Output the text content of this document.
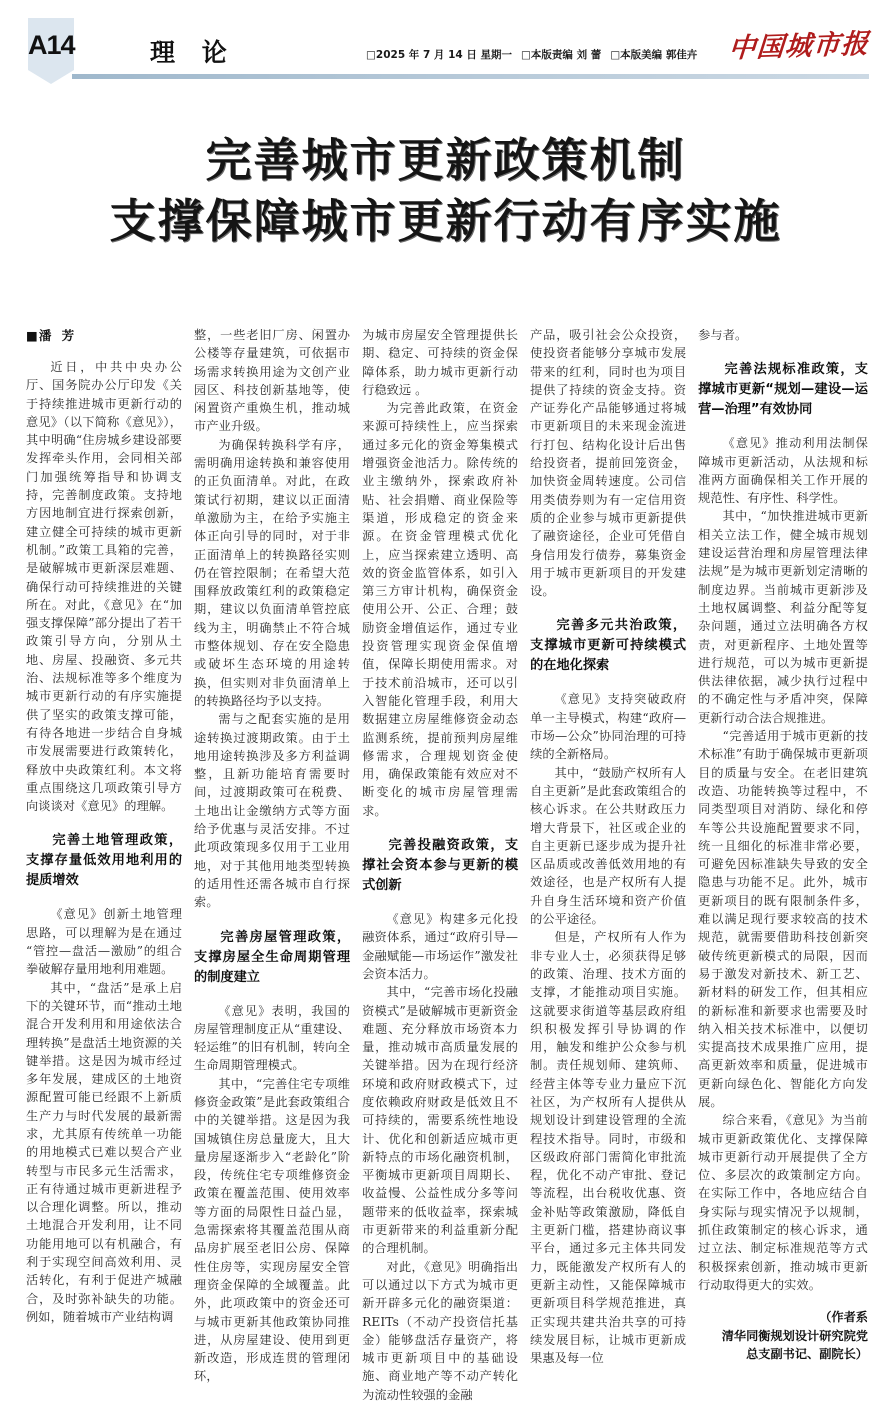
A14	理 论	□2025 年 7 月 14 日 星期一 □本版责编 刘 蕾 □本版美编 郭佳卉	中国城市报
完善城市更新政策机制
支撑保障城市更新行动有序实施
■潘 芳

近日，中共中央办公厅、国务院办公厅印发《关于持续推进城市更新行动的意见》（以下简称《意见》），其中明确“住房城乡建设部要发挥牵头作用，会同相关部门加强统筹指导和协调支持，完善制度政策。支持地方因地制宜进行探索创新，建立健全可持续的城市更新机制。”政策工具箱的完善，是破解城市更新深层难题、确保行动可持续推进的关键所在。对此，《意见》在“加强支撑保障”部分提出了若干政策引导方向，分别从土地、房屋、投融资、多元共治、法规标准等多个维度为城市更新行动的有序实施提供了坚实的政策支撑可能，有待各地进一步结合自身城市发展需要进行政策转化，释放中央政策红利。本文将重点围绕这几项政策引导方向谈谈对《意见》的理解。

完善土地管理政策，支撑存量低效用地利用的提质增效

《意见》创新土地管理思路，可以理解为是在通过“管控—盘活—激励”的组合拳破解存量用地利用难题。

其中，“盘活”是承上启下的关键环节，而“推动土地混合开发利用和用途依法合理转换”是盘活土地资源的关键举措。这是因为城市经过多年发展，建成区的土地资源配置可能已经跟不上新质生产力与时代发展的最新需求，尤其原有传统单一功能的用地模式已难以契合产业转型与市民多元生活需求，正有待通过城市更新进程予以合理化调整。所以，推动土地混合开发利用，让不同功能用地可以有机融合，有利于实现空间高效利用、灵活转化，有利于促进产城融合，及时弥补缺失的功能。例如，随着城市产业结构调

整，一些老旧厂房、闲置办公楼等存量建筑，可依据市场需求转换用途为文创产业园区、科技创新基地等，使闲置资产重焕生机，推动城市产业升级。

为确保转换科学有序，需明确用途转换和兼容使用的正负面清单。对此，在政策试行初期，建议以正面清单激励为主，在给予实施主体正向引导的同时，对于非正面清单上的转换路径实则仍在管控限制；在希望大范围释放政策红利的政策稳定期，建议以负面清单管控底线为主，明确禁止不符合城市整体规划、存在安全隐患或破坏生态环境的用途转换，但实则对非负面清单上的转换路径均予以支持。

需与之配套实施的是用途转换过渡期政策。由于土地用途转换涉及多方利益调整，且新功能培育需要时间，过渡期政策可在税费、土地出让金缴纳方式等方面给予优惠与灵活安排。不过此项政策现多仅用于工业用地，对于其他用地类型转换的适用性还需各城市自行探索。

完善房屋管理政策，支撑房屋全生命周期管理的制度建立

《意见》表明，我国的房屋管理制度正从“重建设、轻运维”的旧有机制，转向全生命周期管理模式。

其中，“完善住宅专项维修资金政策”是此套政策组合中的关键举措。这是因为我国城镇住房总量庞大，且大量房屋逐渐步入“老龄化”阶段，传统住宅专项维修资金政策在覆盖范围、使用效率等方面的局限性日益凸显，急需探索将其覆盖范围从商品房扩展至老旧公房、保障性住房等，实现房屋安全管理资金保障的全域覆盖。此外，此项政策中的资金还可与城市更新其他政策协同推进，从房屋建设、使用到更新改造，形成连贯的管理闭环，

为城市房屋安全管理提供长期、稳定、可持续的资金保障体系，助力城市更新行动行稳致远 。

为完善此政策，在资金来源可持续性上，应当探索通过多元化的资金筹集模式增强资金池活力。除传统的业主缴纳外，探索政府补贴、社会捐赠、商业保险等渠道，形成稳定的资金来源。在资金管理模式优化上，应当探索建立透明、高效的资金监管体系，如引入第三方审计机构，确保资金使用公开、公正、合理；鼓励资金增值运作，通过专业投资管理实现资金保值增值，保障长期使用需求。对于技术前沿城市，还可以引入智能化管理手段，利用大数据建立房屋维修资金动态监测系统，提前预判房屋维修需求，合理规划资金使用，确保政策能有效应对不断变化的城市房屋管理需求。

完善投融资政策，支撑社会资本参与更新的模式创新

《意见》构建多元化投融资体系，通过“政府引导—金融赋能—市场运作”激发社会资本活力。

其中，“完善市场化投融资模式”是破解城市更新资金难题、充分释放市场资本力量，推动城市高质量发展的关键举措。因为在现行经济环境和政府财政模式下，过度依赖政府财政是低效且不可持续的，需要系统性地设计、优化和创新适应城市更新特点的市场化融资机制，平衡城市更新项目周期长、收益慢、公益性成分多等问题带来的低收益率，探索城市更新带来的利益重新分配的合理机制。

对此，《意见》明确指出可以通过以下方式为城市更新开辟多元化的融资渠道：REITs（不动产投资信托基金）能够盘活存量资产，将城市更新项目中的基础设施、商业地产等不动产转化为流动性较强的金融

产品，吸引社会公众投资，使投资者能够分享城市发展带来的红利，同时也为项目提供了持续的资金支持。资产证券化产品能够通过将城市更新项目的未来现金流进行打包、结构化设计后出售给投资者，提前回笼资金，加快资金周转速度。公司信用类债券则为有一定信用资质的企业参与城市更新提供了融资途径，企业可凭借自身信用发行债券，募集资金用于城市更新项目的开发建设。

完善多元共治政策，支撑城市更新可持续模式的在地化探索

《意见》支持突破政府单一主导模式，构建“政府—市场—公众”协同治理的可持续的全新格局。

其中，“鼓励产权所有人自主更新”是此套政策组合的核心诉求。在公共财政压力增大背景下，社区或企业的自主更新已逐步成为提升社区品质或改善低效用地的有效途径，也是产权所有人提升自身生活环境和资产价值的公平途径。

但是，产权所有人作为非专业人士，必须获得足够的政策、治理、技术方面的支撑，才能推动项目实施。这就要求街道等基层政府组织积极发挥引导协调的作用，触发和维护公众参与机制。责任规划师、建筑师、经营主体等专业力量应下沉社区，为产权所有人提供从规划设计到建设管理的全流程技术指导。同时，市级和区级政府部门需简化审批流程，优化不动产审批、登记等流程，出台税收优惠、资金补贴等政策激励，降低自主更新门槛，搭建协商议事平台，通过多元主体共同发力，既能激发产权所有人的更新主动性，又能保障城市更新项目科学规范推进，真正实现共建共治共享的可持续发展目标，让城市更新成果惠及每一位

参与者。

完善法规标准政策，支撑城市更新“规划—建设—运营—治理”有效协同

《意见》推动利用法制保障城市更新活动，从法规和标准两方面确保相关工作开展的规范性、有序性、科学性。

其中，“加快推进城市更新相关立法工作，健全城市规划建设运营治理和房屋管理法律法规”是为城市更新划定清晰的制度边界。当前城市更新涉及土地权属调整、利益分配等复杂问题，通过立法明确各方权责，对更新程序、土地处置等进行规范，可以为城市更新提供法律依据，减少执行过程中的不确定性与矛盾冲突，保障更新行动合法合规推进。

“完善适用于城市更新的技术标准”有助于确保城市更新项目的质量与安全。在老旧建筑改造、功能转换等过程中，不同类型项目对消防、绿化和停车等公共设施配置要求不同，统一且细化的标准非常必要，可避免因标准缺失导致的安全隐患与功能不足。此外，城市更新项目的既有限制条件多，难以满足现行要求较高的技术规范，就需要借助科技创新突破传统更新模式的局限，因而易于激发对新技术、新工艺、新材料的研发工作，但其相应的新标准和新要求也需要及时纳入相关技术标准中，以便切实提高技术成果推广应用，提高更新效率和质量，促进城市更新向绿色化、智能化方向发展。

综合来看，《意见》为当前城市更新政策优化、支撑保障城市更新行动开展提供了全方位、多层次的政策制定方向。在实际工作中，各地应结合自身实际与现实情况予以规制，抓住政策制定的核心诉求，通过立法、制定标准规范等方式积极探索创新，推动城市更新行动取得更大的实效。

（作者系
清华同衡规划设计研究院党
总支副书记、副院长）
